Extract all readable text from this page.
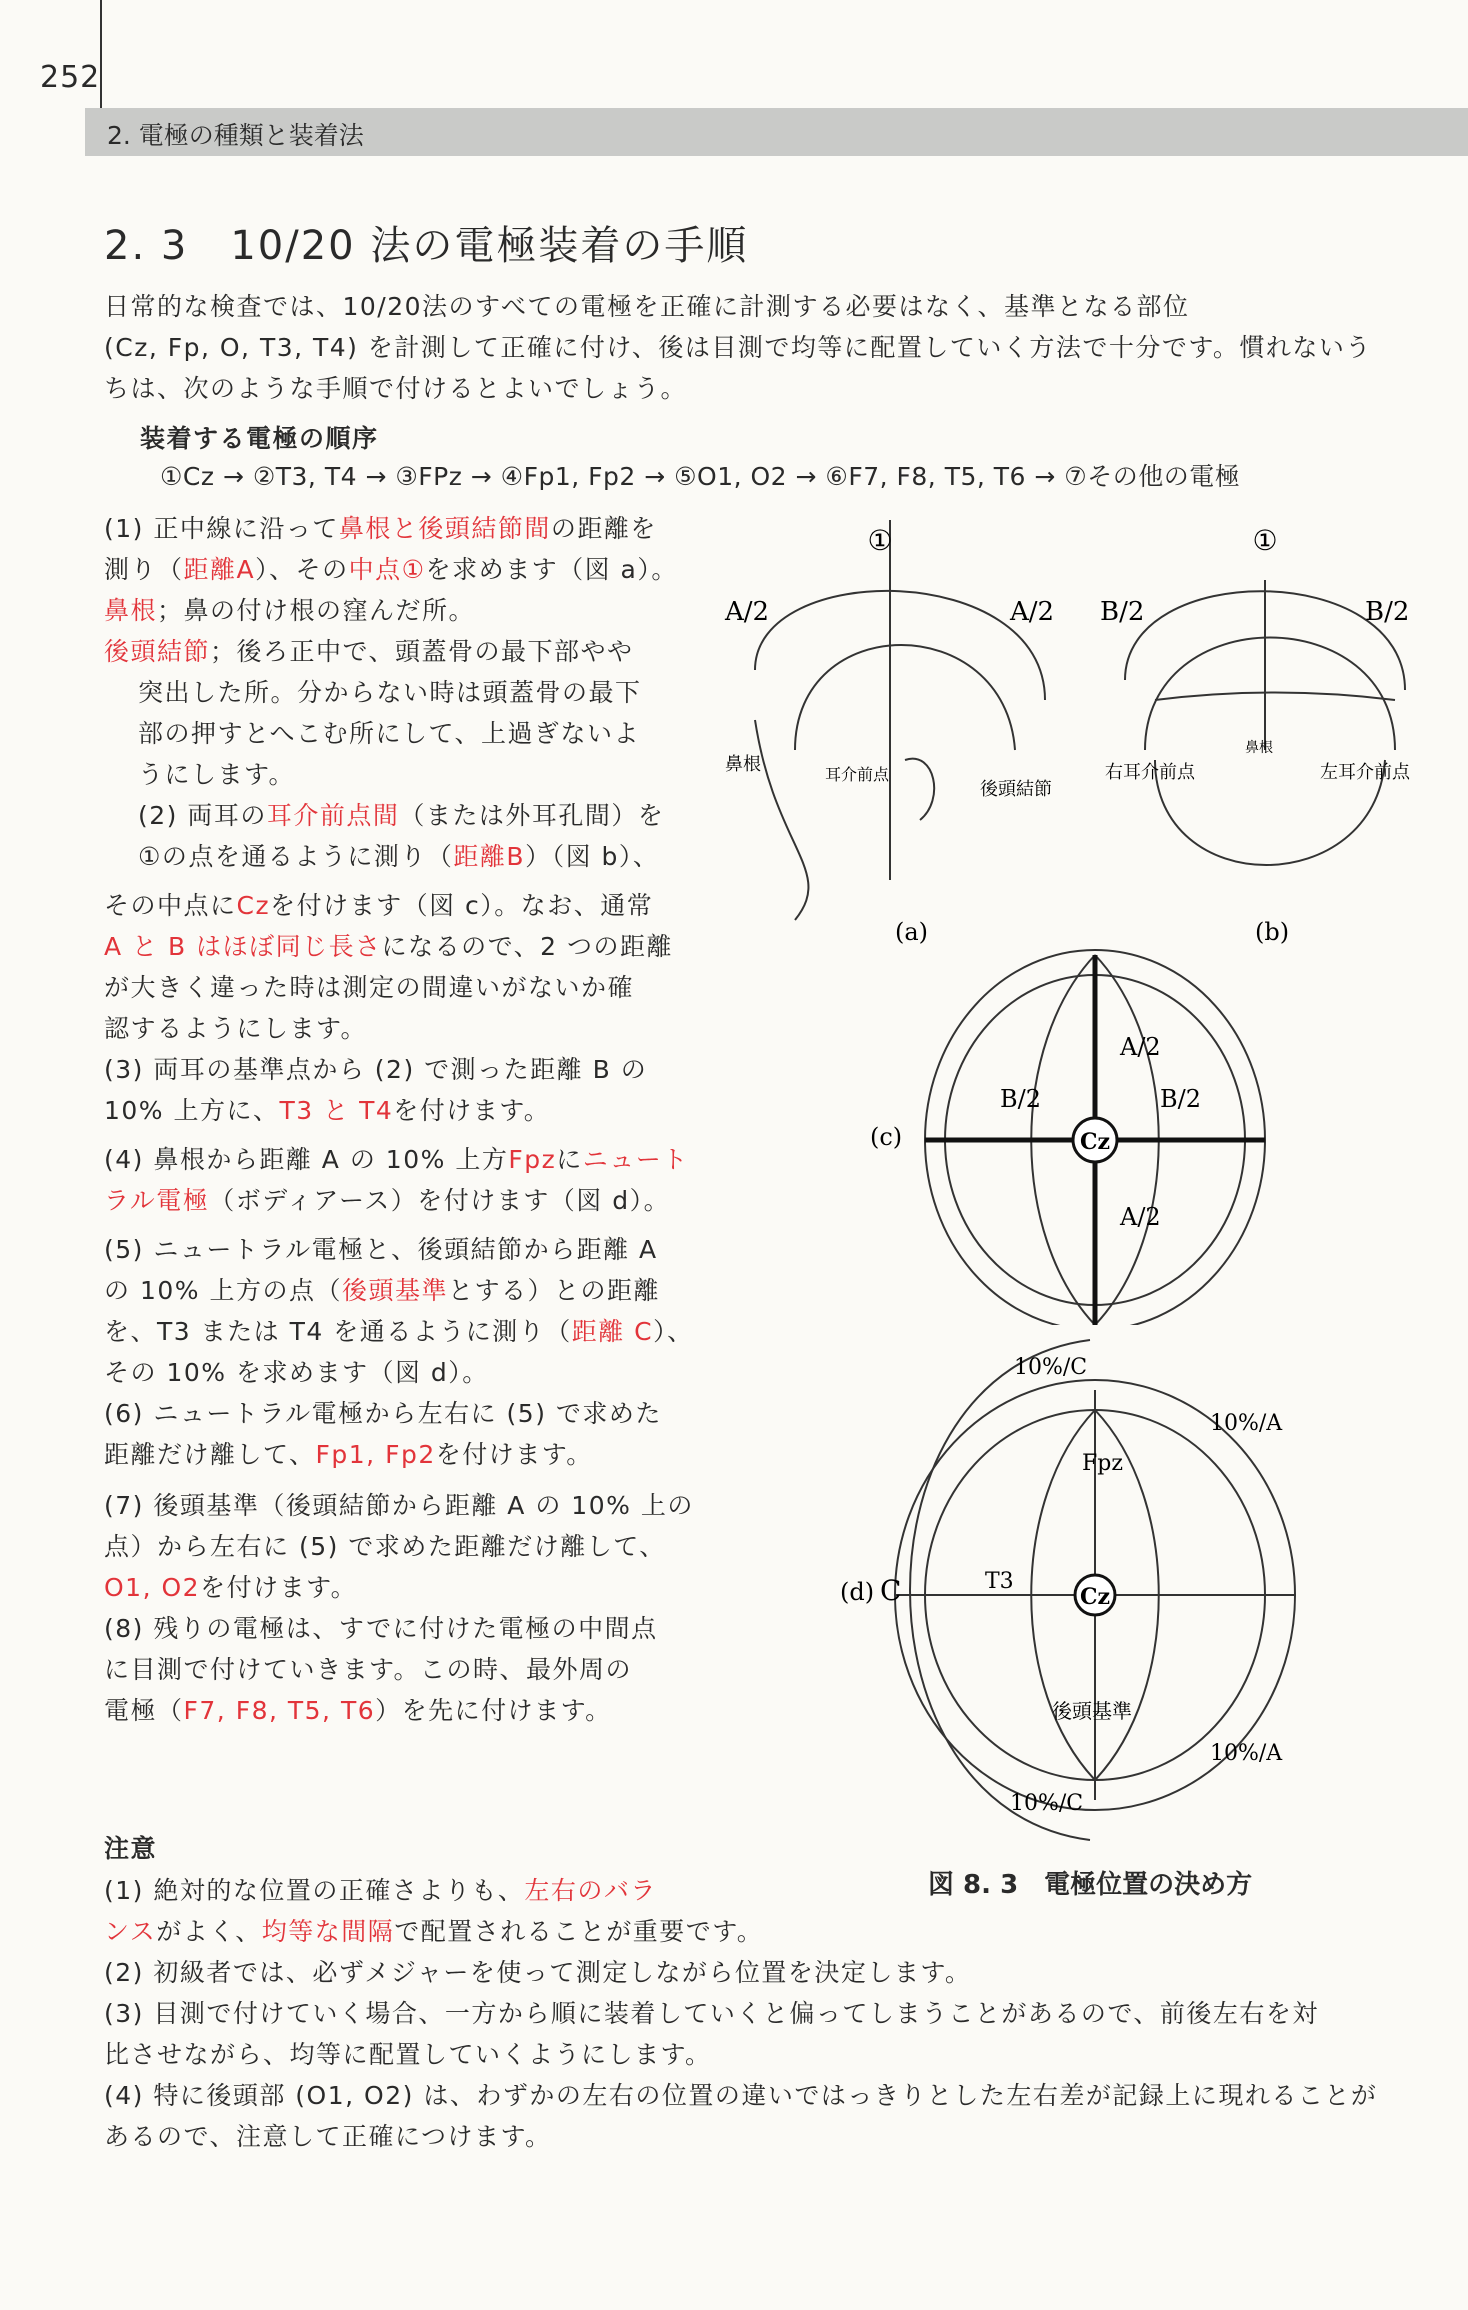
252
2. 電極の種類と装着法
2. 3　10/20 法の電極装着の手順
日常的な検査では、10/20法のすべての電極を正確に計測する必要はなく、基準となる部位
(Cz, Fp, O, T3, T4) を計測して正確に付け、後は目測で均等に配置していく方法で十分です。慣れないう
ちは、次のような手順で付けるとよいでしょう。
装着する電極の順序
①Cz → ②T3, T4 → ③FPz → ④Fp1, Fp2 → ⑤O1, O2 → ⑥F7, F8, T5, T6 → ⑦その他の電極
(1) 正中線に沿って鼻根と後頭結節間の距離を
測り（距離A）、その中点①を求めます（図 a）。
鼻根；鼻の付け根の窪んだ所。
後頭結節；後ろ正中で、頭蓋骨の最下部やや
突出した所。分からない時は頭蓋骨の最下
部の押すとへこむ所にして、上過ぎないよ
うにします。
(2) 両耳の耳介前点間（または外耳孔間）を
①の点を通るように測り（距離B）（図 b）、
その中点にCzを付けます（図 c）。なお、通常
A と B はほぼ同じ長さになるので、2 つの距離
が大きく違った時は測定の間違いがないか確
認するようにします。
(3) 両耳の基準点から (2) で測った距離 B の
10% 上方に、T3 と T4を付けます。
(4) 鼻根から距離 A の 10% 上方Fpzにニュート
ラル電極（ボディアース）を付けます（図 d）。
(5) ニュートラル電極と、後頭結節から距離 A
の 10% 上方の点（後頭基準とする）との距離
を、T3 または T4 を通るように測り（距離 C）、
その 10% を求めます（図 d）。
(6) ニュートラル電極から左右に (5) で求めた
距離だけ離して、Fp1, Fp2を付けます。
(7) 後頭基準（後頭結節から距離 A の 10% 上の
点）から左右に (5) で求めた距離だけ離して、
O1, O2を付けます。
(8) 残りの電極は、すでに付けた電極の中間点
に目測で付けていきます。この時、最外周の
電極（F7, F8, T5, T6）を先に付けます。
注意
(1) 絶対的な位置の正確さよりも、左右のバラ
ンスがよく、均等な間隔で配置されることが重要です。
(2) 初級者では、必ずメジャーを使って測定しながら位置を決定します。
(3) 目測で付けていく場合、一方から順に装着していくと偏ってしまうことがあるので、前後左右を対
比させながら、均等に配置していくようにします。
(4) 特に後頭部 (O1, O2) は、わずかの左右の位置の違いではっきりとした左右差が記録上に現れることが
あるので、注意して正確につけます。
図 8. 3　電極位置の決め方
①
A/2	A/2
鼻根	耳介前点
後頭結節
(a)
①
B/2	B/2
鼻根
右耳介前点	左耳介前点
(b)
Cz
A/2
A/2
B/2	B/2
(c)
Cz
10%/C
10%/A
Fpz
T3
後頭基準
10%/A
10%/C
(d) C
